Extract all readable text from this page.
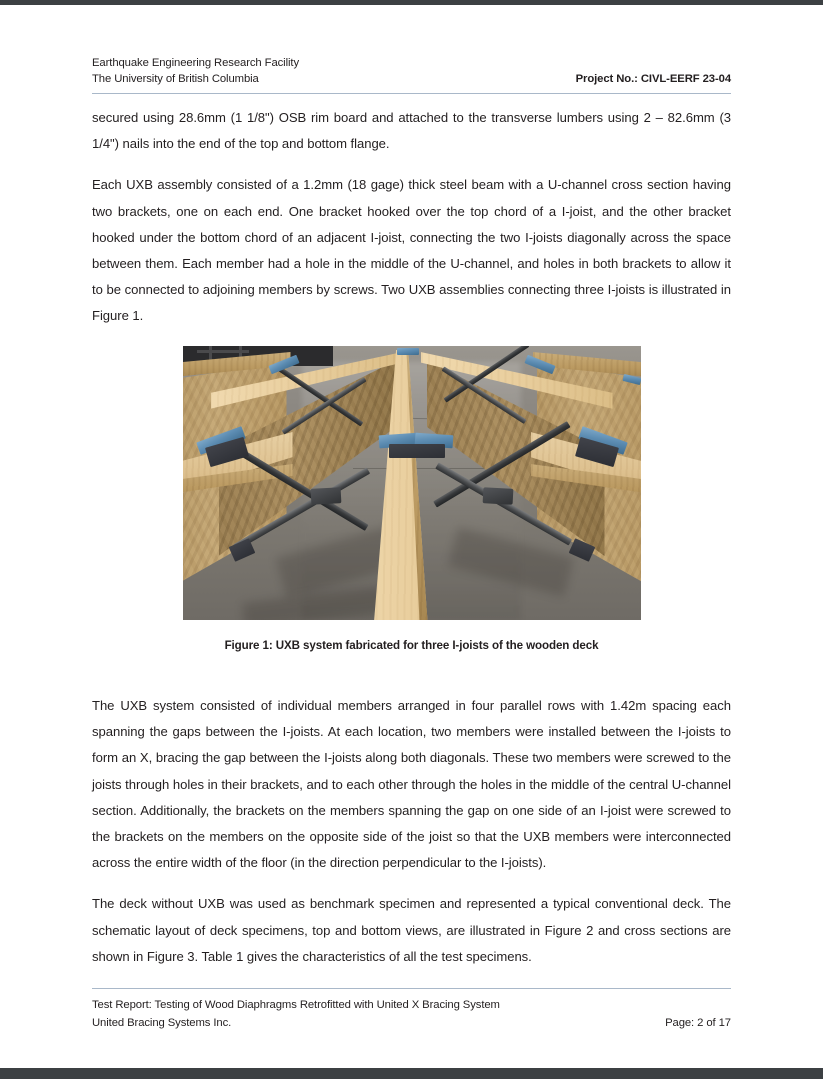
Earthquake Engineering Research Facility
The University of British Columbia	Project No.: CIVL-EERF 23-04

secured using 28.6mm (1 1/8") OSB rim board and attached to the transverse lumbers using 2 – 82.6mm (3 1/4") nails into the end of the top and bottom flange.

Each UXB assembly consisted of a 1.2mm (18 gage) thick steel beam with a U-channel cross section having two brackets, one on each end. One bracket hooked over the top chord of a I-joist, and the other bracket hooked under the bottom chord of an adjacent I-joist, connecting the two I-joists diagonally across the space between them. Each member had a hole in the middle of the U-channel, and holes in both brackets to allow it to be connected to adjoining members by screws. Two UXB assemblies connecting three I-joists is illustrated in Figure 1.

Figure 1: UXB system fabricated for three I-joists of the wooden deck

The UXB system consisted of individual members arranged in four parallel rows with 1.42m spacing each spanning the gaps between the I-joists. At each location, two members were installed between the I-joists to form an X, bracing the gap between the I-joists along both diagonals. These two members were screwed to the joists through holes in their brackets, and to each other through the holes in the middle of the central U-channel section. Additionally, the brackets on the members spanning the gap on one side of an I-joist were screwed to the brackets on the members on the opposite side of the joist so that the UXB members were interconnected across the entire width of the floor (in the direction perpendicular to the I-joists).

The deck without UXB was used as benchmark specimen and represented a typical conventional deck. The schematic layout of deck specimens, top and bottom views, are illustrated in Figure 2 and cross sections are shown in Figure 3. Table 1 gives the characteristics of all the test specimens.

Test Report: Testing of Wood Diaphragms Retrofitted with United X Bracing System
United Bracing Systems Inc.	Page: 2 of 17
